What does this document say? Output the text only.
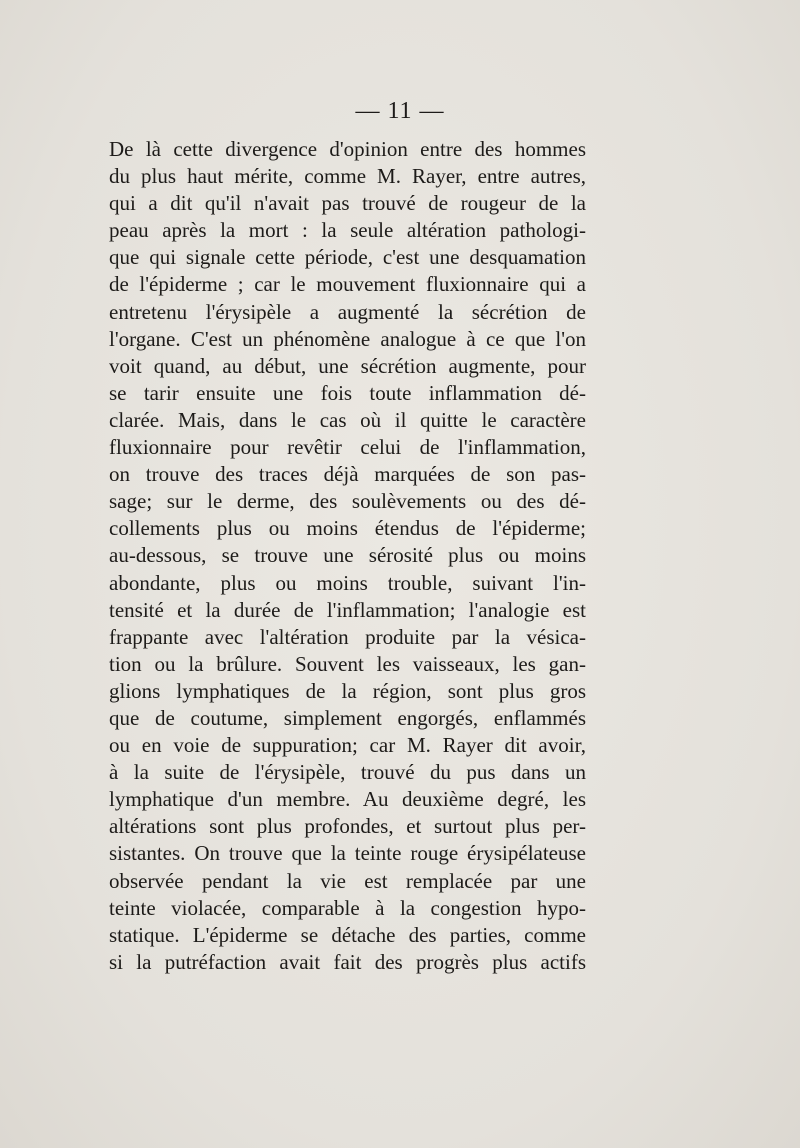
— 11 —
De là cette divergence d'opinion entre des hommes
du plus haut mérite, comme M. Rayer, entre autres,
qui a dit qu'il n'avait pas trouvé de rougeur de la
peau après la mort : la seule altération pathologi-
que qui signale cette période, c'est une desquamation
de l'épiderme ; car le mouvement fluxionnaire qui a
entretenu l'érysipèle a augmenté la sécrétion de
l'organe. C'est un phénomène analogue à ce que l'on
voit quand, au début, une sécrétion augmente, pour
se tarir ensuite une fois toute inflammation dé-
clarée. Mais, dans le cas où il quitte le caractère
fluxionnaire pour revêtir celui de l'inflammation,
on trouve des traces déjà marquées de son pas-
sage; sur le derme, des soulèvements ou des dé-
collements plus ou moins étendus de l'épiderme;
au-dessous, se trouve une sérosité plus ou moins
abondante, plus ou moins trouble, suivant l'in-
tensité et la durée de l'inflammation; l'analogie est
frappante avec l'altération produite par la vésica-
tion ou la brûlure. Souvent les vaisseaux, les gan-
glions lymphatiques de la région, sont plus gros
que de coutume, simplement engorgés, enflammés
ou en voie de suppuration; car M. Rayer dit avoir,
à la suite de l'érysipèle, trouvé du pus dans un
lymphatique d'un membre. Au deuxième degré, les
altérations sont plus profondes, et surtout plus per-
sistantes. On trouve que la teinte rouge érysipélateuse
observée pendant la vie est remplacée par une
teinte violacée, comparable à la congestion hypo-
statique. L'épiderme se détache des parties, comme
si la putréfaction avait fait des progrès plus actifs
